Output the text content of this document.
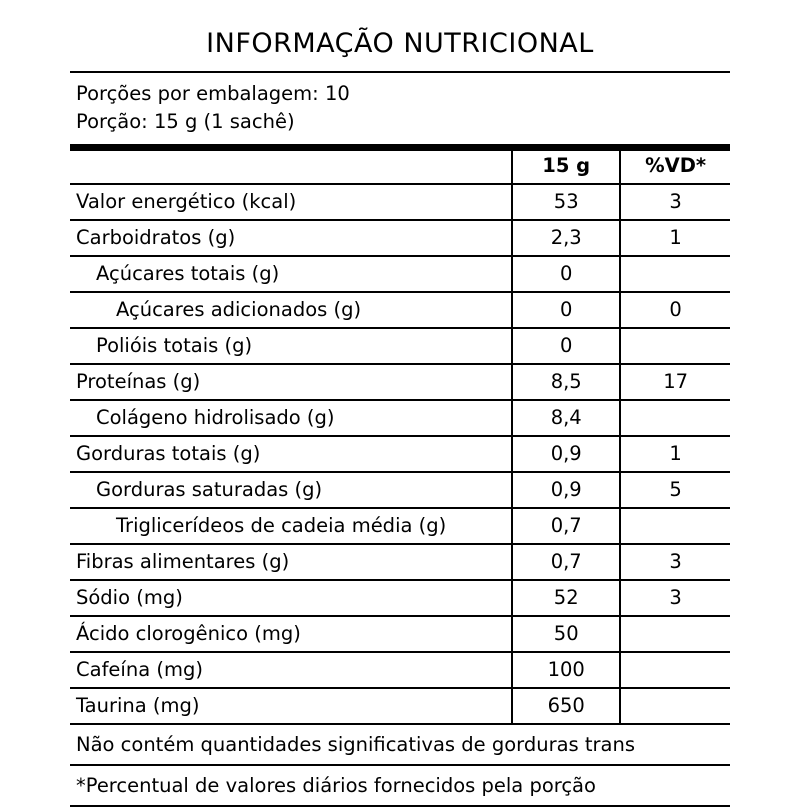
INFORMAÇÃO NUTRICIONAL
Porções por embalagem: 10
Porção: 15 g (1 sachê)
	15 g	%VD*
Valor energético (kcal)	53	3
Carboidratos (g)	2,3	1
Açúcares totais (g)	0	
Açúcares adicionados (g)	0	0
Polióis totais (g)	0	
Proteínas (g)	8,5	17
Colágeno hidrolisado (g)	8,4	
Gorduras totais (g)	0,9	1
Gorduras saturadas (g)	0,9	5
Triglicerídeos de cadeia média (g)	0,7	
Fibras alimentares (g)	0,7	3
Sódio (mg)	52	3
Ácido clorogênico (mg)	50	
Cafeína (mg)	100	
Taurina (mg)	650	
Não contém quantidades significativas de gorduras trans
*Percentual de valores diários fornecidos pela porção
